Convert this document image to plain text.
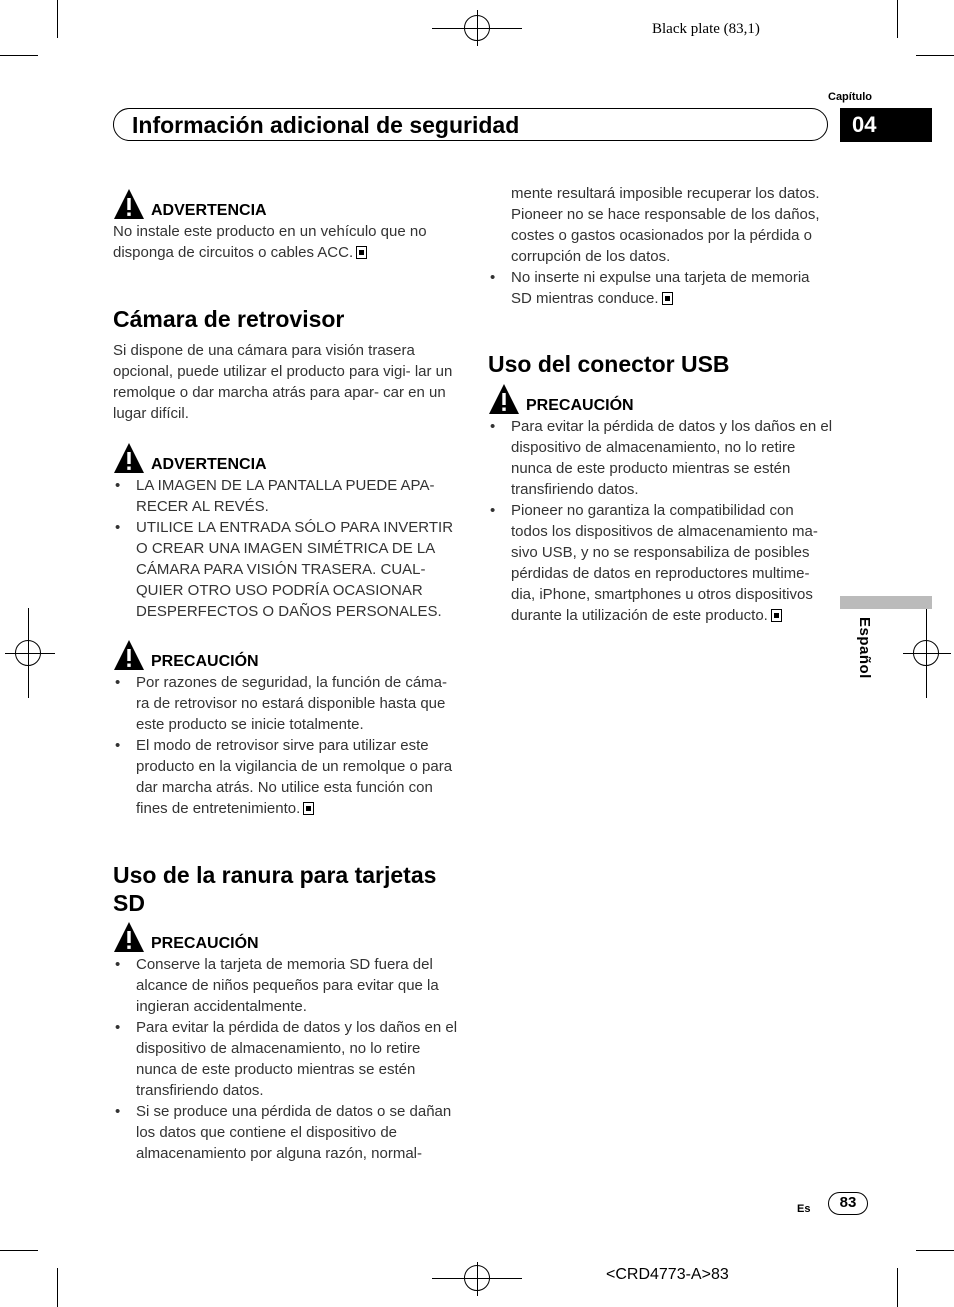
Black plate (83,1)
Capítulo
04
Información adicional de seguridad
Español
ADVERTENCIA

No instale este producto en un vehículo que no disponga de circuitos o cables ACC.

Cámara de retrovisor

Si dispone de una cámara para visión trasera opcional, puede utilizar el producto para vigi- lar un remolque o dar marcha atrás para apar- car en un lugar difícil.

ADVERTENCIA
• LA IMAGEN DE LA PANTALLA PUEDE APA- RECER AL REVÉS.
• UTILICE LA ENTRADA SÓLO PARA INVERTIR O CREAR UNA IMAGEN SIMÉTRICA DE LA CÁMARA PARA VISIÓN TRASERA. CUAL- QUIER OTRO USO PODRÍA OCASIONAR DESPERFECTOS O DAÑOS PERSONALES.
PRECAUCIÓN
• Por razones de seguridad, la función de cáma- ra de retrovisor no estará disponible hasta que este producto se inicie totalmente.
• El modo de retrovisor sirve para utilizar este producto en la vigilancia de un remolque o para dar marcha atrás. No utilice esta función con fines de entretenimiento.
Uso de la ranura para tarjetas SD
PRECAUCIÓN
• Conserve la tarjeta de memoria SD fuera del alcance de niños pequeños para evitar que la ingieran accidentalmente.
• Para evitar la pérdida de datos y los daños en el dispositivo de almacenamiento, no lo retire nunca de este producto mientras se estén transfiriendo datos.
• Si se produce una pérdida de datos o se dañan los datos que contiene el dispositivo de almacenamiento por alguna razón, normal-

mente resultará imposible recuperar los datos. Pioneer no se hace responsable de los daños, costes o gastos ocasionados por la pérdida o corrupción de los datos.

• No inserte ni expulse una tarjeta de memoria SD mientras conduce.
Uso del conector USB
PRECAUCIÓN
• Para evitar la pérdida de datos y los daños en el dispositivo de almacenamiento, no lo retire nunca de este producto mientras se estén transfiriendo datos.
• Pioneer no garantiza la compatibilidad con todos los dispositivos de almacenamiento ma- sivo USB, y no se responsabiliza de posibles pérdidas de datos en reproductores multime- dia, iPhone, smartphones u otros dispositivos durante la utilización de este producto.
Es	83
<CRD4773-A>83
